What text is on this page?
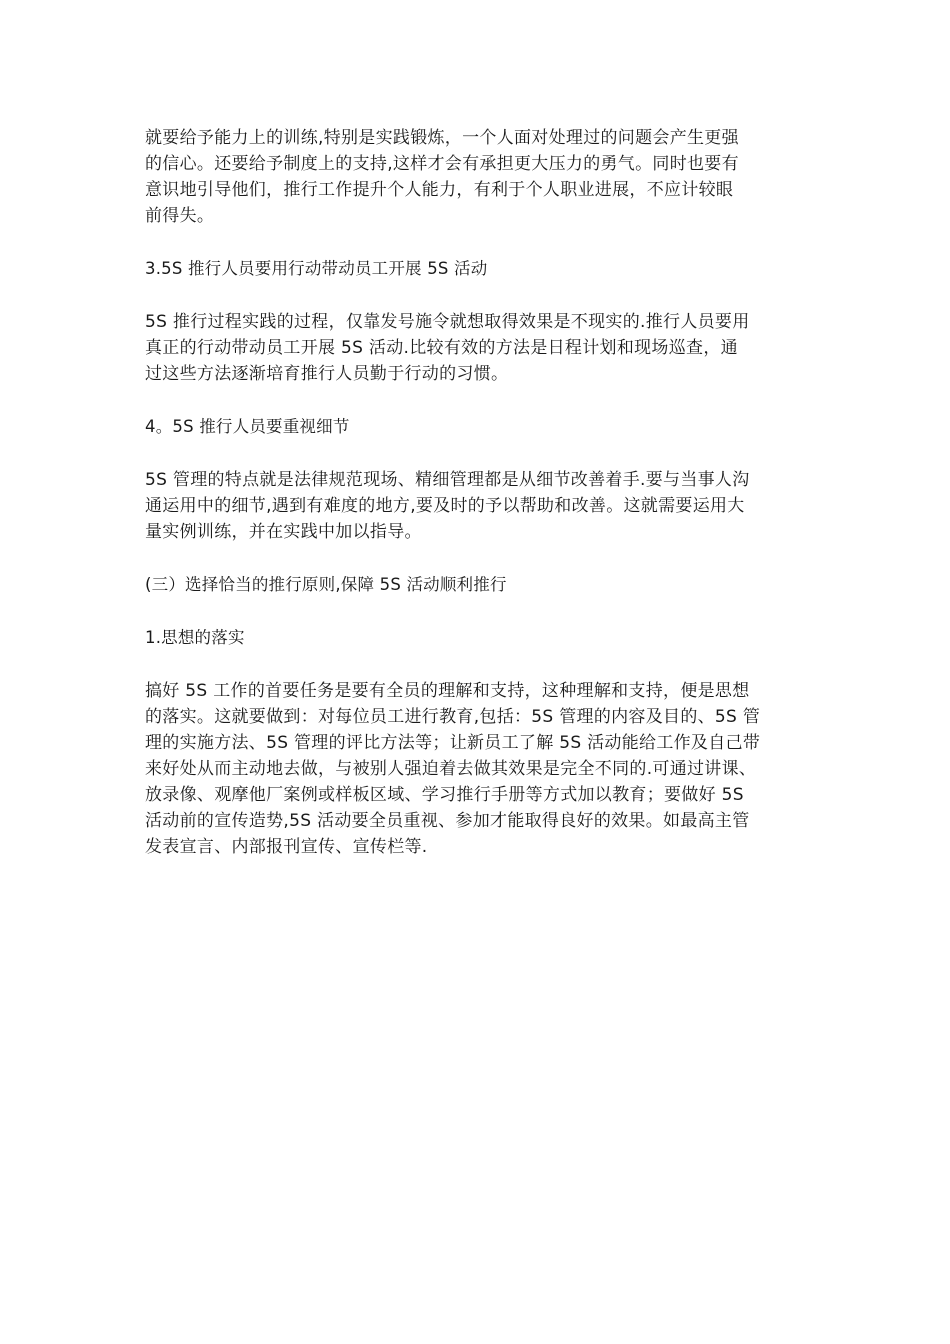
就要给予能力上的训练,特别是实践锻炼，一个人面对处理过的问题会产生更强
的信心。还要给予制度上的支持,这样才会有承担更大压力的勇气。同时也要有
意识地引导他们，推行工作提升个人能力，有利于个人职业进展，不应计较眼
前得失。

3.5S 推行人员要用行动带动员工开展 5S 活动

5S 推行过程实践的过程，仅靠发号施令就想取得效果是不现实的.推行人员要用
真正的行动带动员工开展 5S 活动.比较有效的方法是日程计划和现场巡查，通
过这些方法逐渐培育推行人员勤于行动的习惯。

4。5S 推行人员要重视细节

5S 管理的特点就是法律规范现场、精细管理都是从细节改善着手.要与当事人沟
通运用中的细节,遇到有难度的地方,要及时的予以帮助和改善。这就需要运用大
量实例训练，并在实践中加以指导。

(三）选择恰当的推行原则,保障 5S 活动顺利推行

1.思想的落实

搞好 5S 工作的首要任务是要有全员的理解和支持，这种理解和支持，便是思想
的落实。这就要做到：对每位员工进行教育,包括：5S 管理的内容及目的、5S 管
理的实施方法、5S 管理的评比方法等；让新员工了解 5S 活动能给工作及自己带
来好处从而主动地去做，与被别人强迫着去做其效果是完全不同的.可通过讲课、
放录像、观摩他厂案例或样板区域、学习推行手册等方式加以教育；要做好 5S
活动前的宣传造势,5S 活动要全员重视、参加才能取得良好的效果。如最高主管
发表宣言、内部报刊宣传、宣传栏等.
